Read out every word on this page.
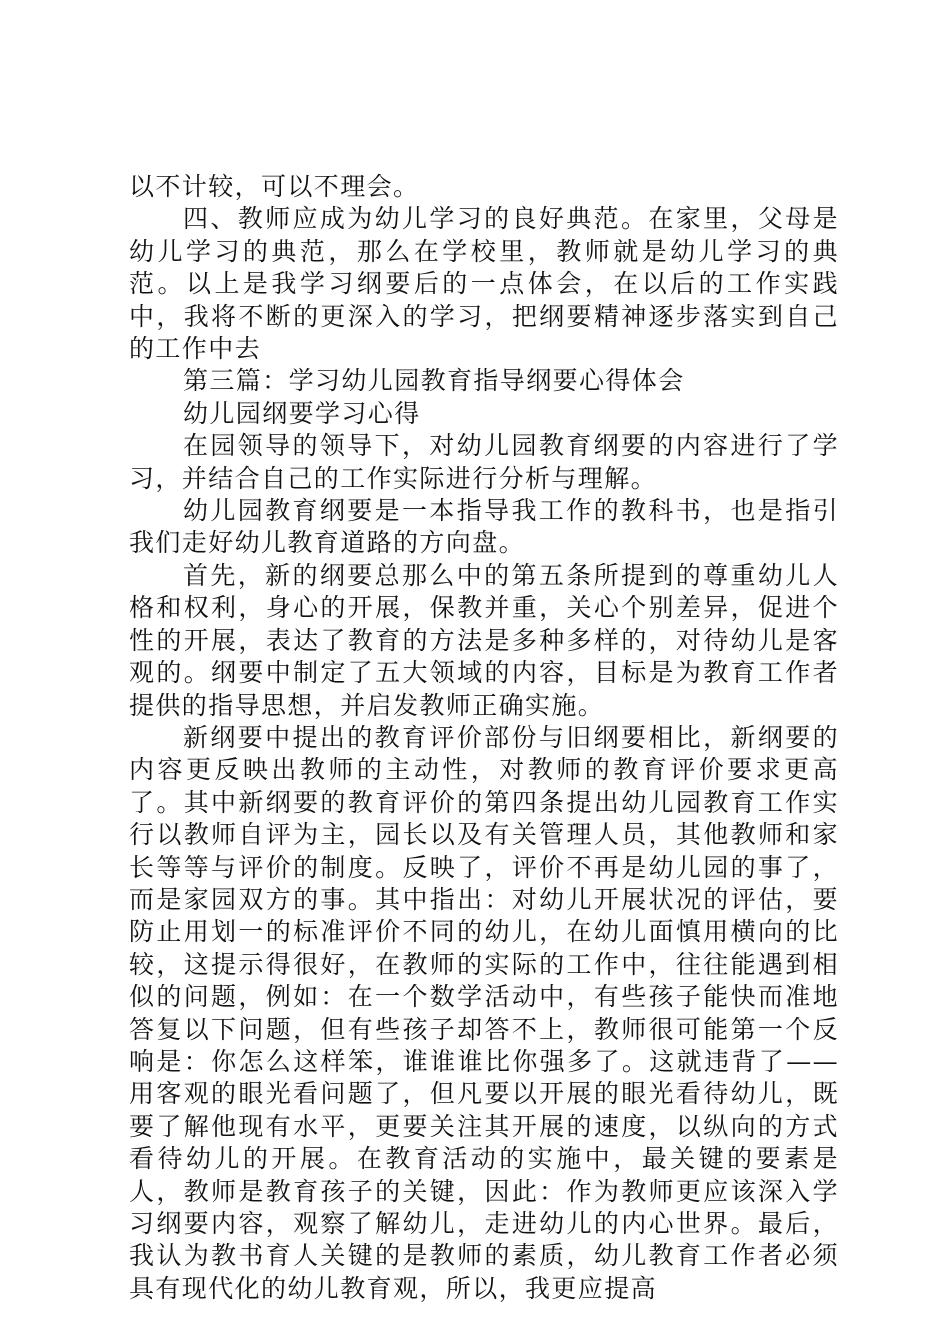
以不计较，可以不理会。

四、教师应成为幼儿学习的良好典范。在家里，父母是幼儿学习的典范，那么在学校里，教师就是幼儿学习的典范。以上是我学习纲要后的一点体会，在以后的工作实践中，我将不断的更深入的学习，把纲要精神逐步落实到自己的工作中去

第三篇：学习幼儿园教育指导纲要心得体会

幼儿园纲要学习心得

在园领导的领导下，对幼儿园教育纲要的内容进行了学习，并结合自己的工作实际进行分析与理解。

幼儿园教育纲要是一本指导我工作的教科书，也是指引我们走好幼儿教育道路的方向盘。

首先，新的纲要总那么中的第五条所提到的尊重幼儿人格和权利，身心的开展，保教并重，关心个别差异，促进个性的开展，表达了教育的方法是多种多样的，对待幼儿是客观的。纲要中制定了五大领域的内容，目标是为教育工作者提供的指导思想，并启发教师正确实施。

新纲要中提出的教育评价部份与旧纲要相比，新纲要的内容更反映出教师的主动性，对教师的教育评价要求更高了。其中新纲要的教育评价的第四条提出幼儿园教育工作实行以教师自评为主，园长以及有关管理人员，其他教师和家长等等与评价的制度。反映了，评价不再是幼儿园的事了，而是家园双方的事。其中指出：对幼儿开展状况的评估，要防止用划一的标准评价不同的幼儿，在幼儿面慎用横向的比较，这提示得很好，在教师的实际的工作中，往往能遇到相似的问题，例如：在一个数学活动中，有些孩子能快而准地答复以下问题，但有些孩子却答不上，教师很可能第一个反响是：你怎么这样笨，谁谁谁比你强多了。这就违背了——用客观的眼光看问题了，但凡要以开展的眼光看待幼儿，既要了解他现有水平，更要关注其开展的速度，以纵向的方式看待幼儿的开展。在教育活动的实施中，最关键的要素是人，教师是教育孩子的关键，因此：作为教师更应该深入学习纲要内容，观察了解幼儿，走进幼儿的内心世界。最后，我认为教书育人关键的是教师的素质，幼儿教育工作者必须具有现代化的幼儿教育观，所以，我更应提高
